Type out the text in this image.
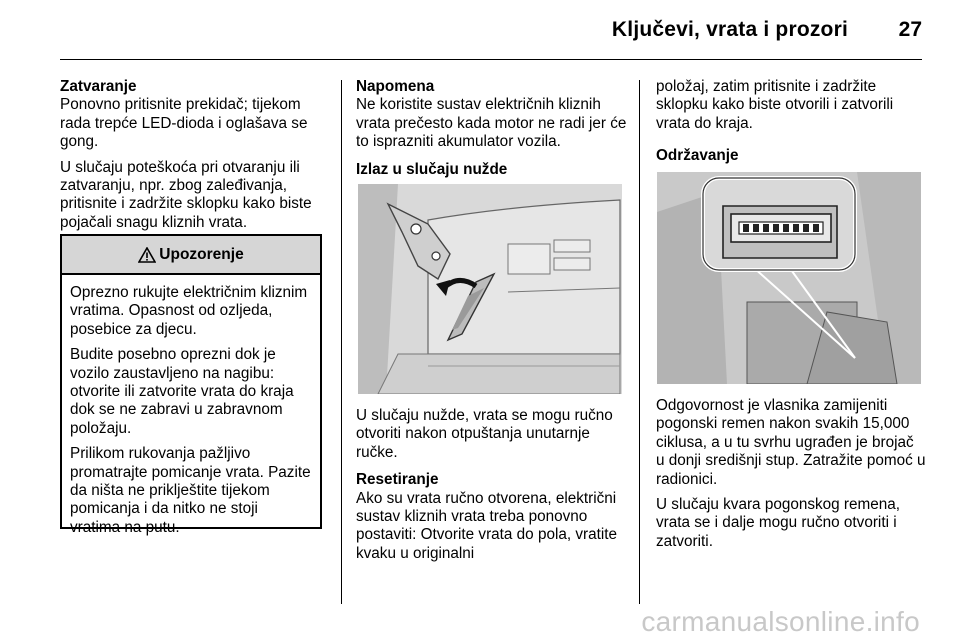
Ključevi, vrata i prozori 27
Zatvaranje

Ponovno pritisnite prekidač; tijekom rada trepće LED-dioda i oglašava se gong.

U slučaju poteškoća pri otvaranju ili zatvaranju, npr. zbog zaleđivanja, pritisnite i zadržite sklopku kako biste pojačali snagu kliznih vrata.

Upozorenje

Oprezno rukujte električnim kliznim vratima. Opasnost od ozljeda, posebice za djecu.

Budite posebno oprezni dok je vozilo zaustavljeno na nagibu: otvorite ili zatvorite vrata do kraja dok se ne zabravi u zabravnom položaju.

Prilikom rukovanja pažljivo promatrajte pomicanje vrata. Pazite da ništa ne priklještite tijekom pomicanja i da nitko ne stoji vratima na putu.

Napomena

Ne koristite sustav električnih kliznih vrata prečesto kada motor ne radi jer će to isprazniti akumulator vozila.

Izlaz u slučaju nužde

U slučaju nužde, vrata se mogu ručno otvoriti nakon otpuštanja unutarnje ručke.

Resetiranje

Ako su vrata ručno otvorena, električni sustav kliznih vrata treba ponovno postaviti: Otvorite vrata do pola, vratite kvaku u originalni

položaj, zatim pritisnite i zadržite sklopku kako biste otvorili i zatvorili vrata do kraja.

Održavanje

Odgovornost je vlasnika zamijeniti pogonski remen nakon svakih 15,000 ciklusa, a u tu svrhu ugrađen je brojač u donji središnji stup. Zatražite pomoć u radionici.

U slučaju kvara pogonskog remena, vrata se i dalje mogu ručno otvoriti i zatvoriti.

carmanualsonline.info
